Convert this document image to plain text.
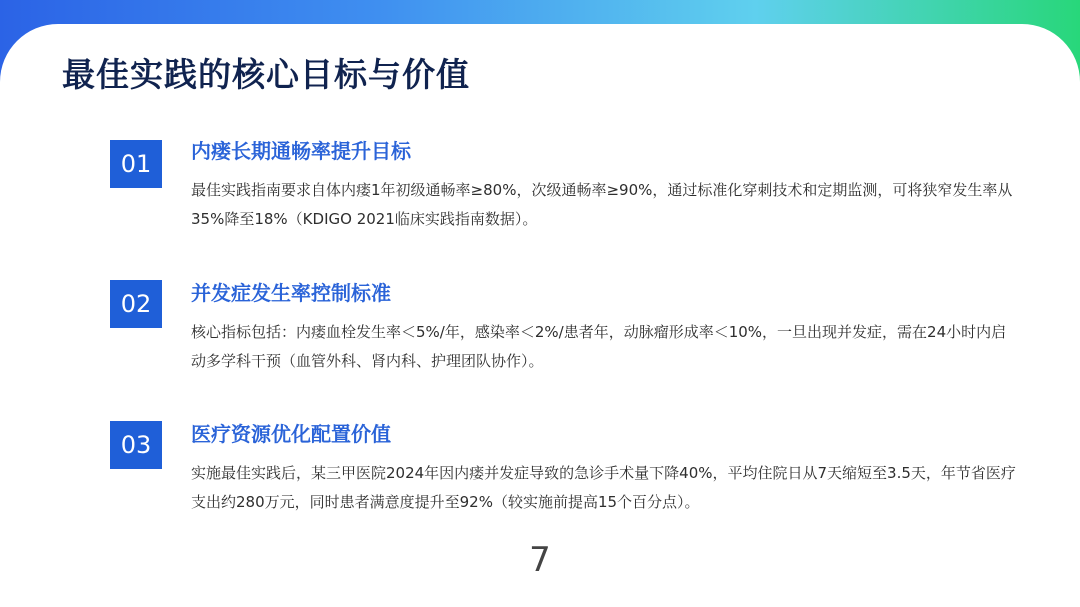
最佳实践的核心目标与价值
01	内瘘长期通畅率提升目标

最佳实践指南要求自体内瘘1年初级通畅率≥80%，次级通畅率≥90%，通过标准化穿刺技术和定期监测，可将狭窄发生率从35%降至18%（KDIGO 2021临床实践指南数据）。

02	并发症发生率控制标准

核心指标包括：内瘘血栓发生率＜5%/年，感染率＜2%/患者年，动脉瘤形成率＜10%，一旦出现并发症，需在24小时内启动多学科干预（血管外科、肾内科、护理团队协作）。

03	医疗资源优化配置价值

实施最佳实践后，某三甲医院2024年因内瘘并发症导致的急诊手术量下降40%，平均住院日从7天缩短至3.5天，年节省医疗支出约280万元，同时患者满意度提升至92%（较实施前提高15个百分点）。

7
